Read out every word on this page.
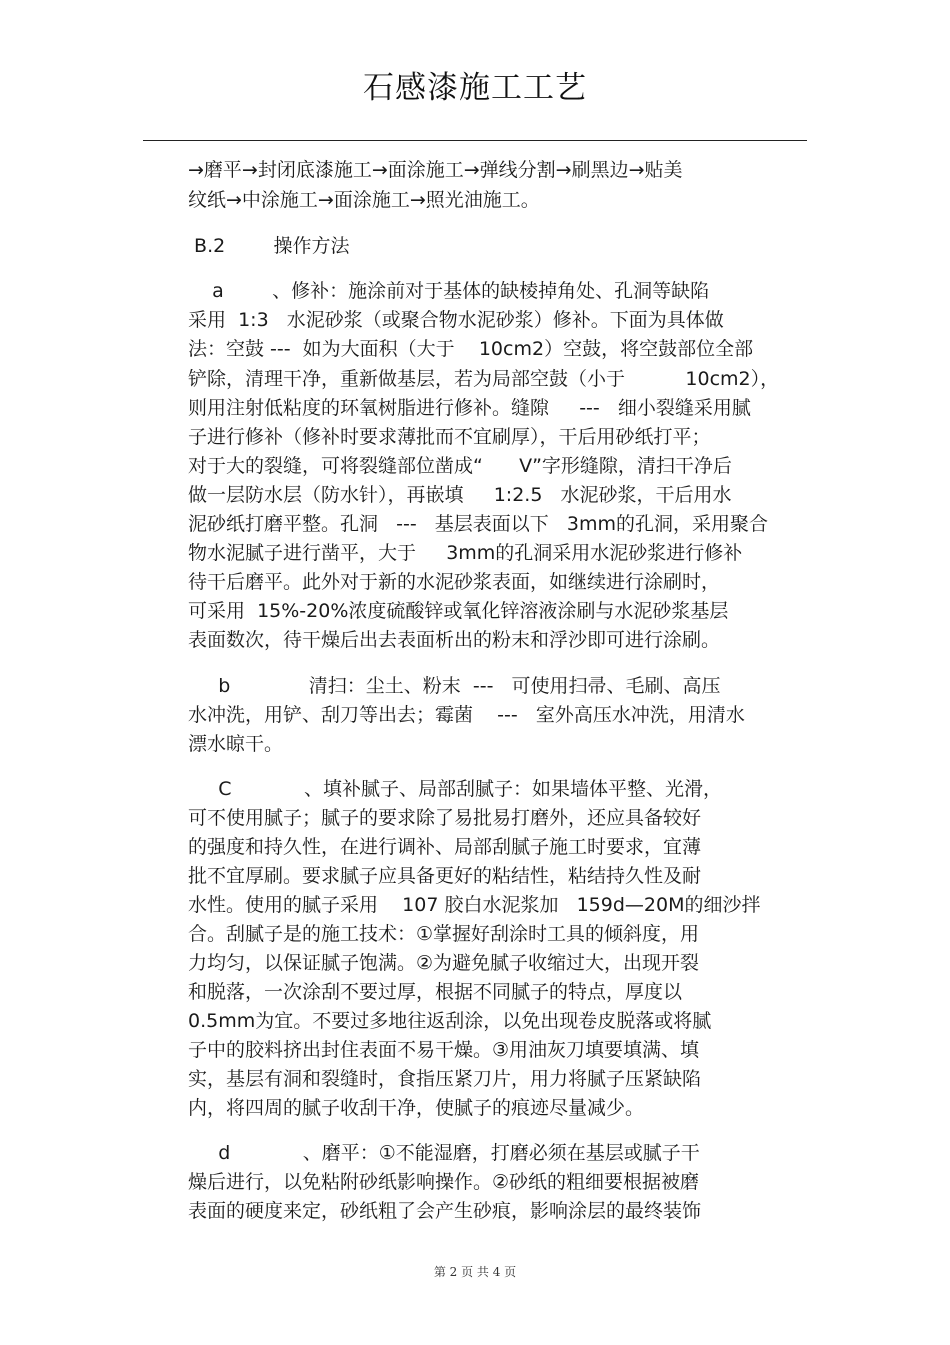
石感漆施工工艺
→磨平→封闭底漆施工→面涂施工→弹线分割→刷黑边→贴美
纹纸→中涂施工→面涂施工→照光油施工。
B.2        操作方法
a        、修补：施涂前对于基体的缺棱掉角处、孔洞等缺陷
采用  1:3   水泥砂浆（或聚合物水泥砂浆）修补。下面为具体做
法：空鼓 ---  如为大面积（大于    10cm2）空鼓，将空鼓部位全部
铲除，清理干净，重新做基层，若为局部空鼓（小于          10cm2），
则用注射低粘度的环氧树脂进行修补。缝隙     ---   细小裂缝采用腻
子进行修补（修补时要求薄批而不宜刷厚），干后用砂纸打平；
对于大的裂缝，可将裂缝部位凿成“      V”字形缝隙，清扫干净后
做一层防水层（防水针），再嵌填     1:2.5   水泥砂浆，干后用水
泥砂纸打磨平整。孔洞   ---   基层表面以下   3mm的孔洞，采用聚合
物水泥腻子进行凿平，大于     3mm的孔洞采用水泥砂浆进行修补
待干后磨平。此外对于新的水泥砂浆表面，如继续进行涂刷时，
可采用  15%-20%浓度硫酸锌或氧化锌溶液涂刷与水泥砂浆基层
表面数次，待干燥后出去表面析出的粉末和浮沙即可进行涂刷。
b             清扫：尘土、粉末  ---   可使用扫帚、毛刷、高压
水冲洗，用铲、刮刀等出去；霉菌    ---   室外高压水冲洗，用清水
漂水晾干。
C            、填补腻子、局部刮腻子：如果墙体平整、光滑，
可不使用腻子；腻子的要求除了易批易打磨外，还应具备较好
的强度和持久性，在进行调补、局部刮腻子施工时要求，宜薄
批不宜厚刷。要求腻子应具备更好的粘结性，粘结持久性及耐
水性。使用的腻子采用    107 胶白水泥浆加   159d—20M的细沙拌
合。刮腻子是的施工技术：①掌握好刮涂时工具的倾斜度，用
力均匀，以保证腻子饱满。②为避免腻子收缩过大，出现开裂
和脱落，一次涂刮不要过厚，根据不同腻子的特点，厚度以
0.5mm为宜。不要过多地往返刮涂，以免出现卷皮脱落或将腻
子中的胶料挤出封住表面不易干燥。③用油灰刀填要填满、填
实，基层有洞和裂缝时，食指压紧刀片，用力将腻子压紧缺陷
内，将四周的腻子收刮干净，使腻子的痕迹尽量减少。
d            、磨平：①不能湿磨，打磨必须在基层或腻子干
燥后进行，以免粘附砂纸影响操作。②砂纸的粗细要根据被磨
表面的硬度来定，砂纸粗了会产生砂痕，影响涂层的最终装饰
第 2 页 共 4 页
